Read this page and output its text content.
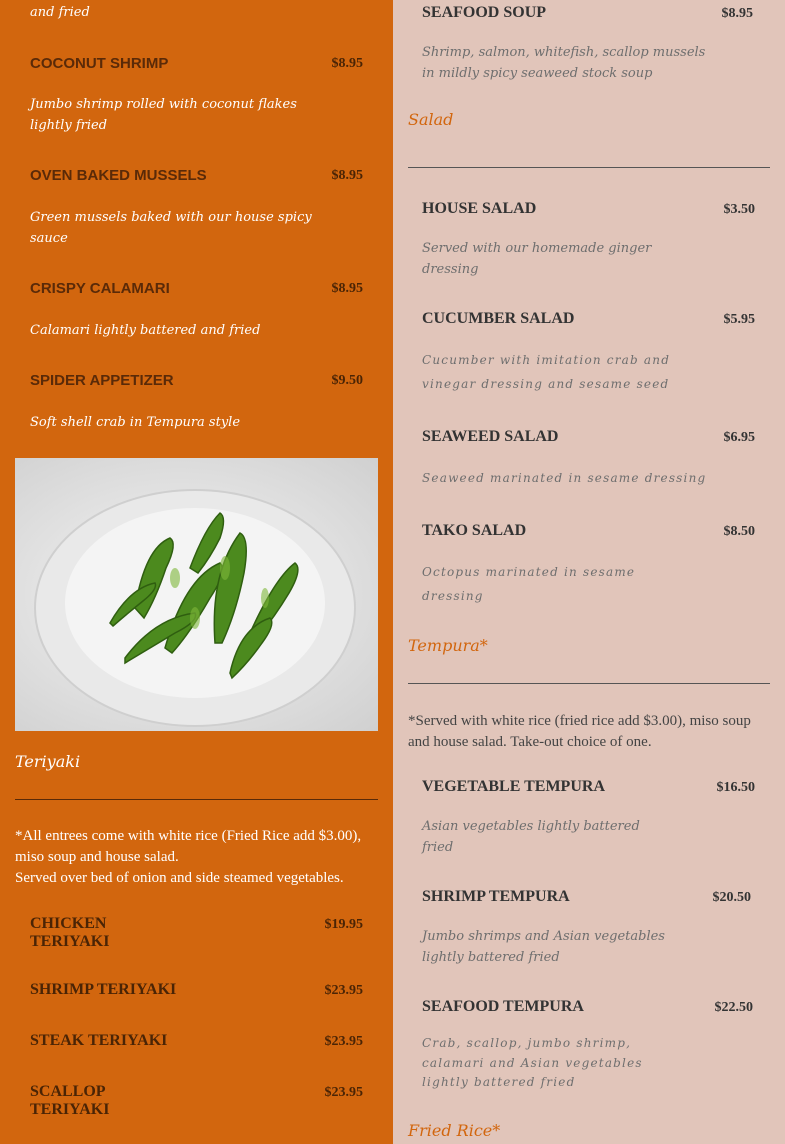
and fried
COCONUT SHRIMP	$8.95
Jumbo shrimp rolled with coconut flakes
lightly fried
OVEN BAKED MUSSELS	$8.95
Green mussels baked with our house spicy
sauce
CRISPY CALAMARI	$8.95
Calamari lightly battered and fried
SPIDER APPETIZER	$9.50
Soft shell crab in Tempura style
Teriyaki
*All entrees come with white rice (Fried Rice add $3.00),
miso soup and house salad.
Served over bed of onion and side steamed vegetables.
CHICKEN
TERIYAKI
$19.95
SHRIMP TERIYAKI	$23.95
STEAK TERIYAKI	$23.95
SCALLOP
TERIYAKI
$23.95
SEAFOOD SOUP	$8.95
Shrimp, salmon, whitefish, scallop mussels
in mildly spicy seaweed stock soup
Salad
HOUSE SALAD	$3.50
Served with our homemade ginger
dressing
CUCUMBER SALAD	$5.95
Cucumber with imitation crab and
vinegar dressing and sesame seed
SEAWEED SALAD	$6.95
Seaweed marinated in sesame dressing
TAKO SALAD	$8.50
Octopus marinated in sesame
dressing
Tempura*
*Served with white rice (fried rice add $3.00), miso soup
and house salad. Take-out choice of one.
VEGETABLE TEMPURA	$16.50
Asian vegetables lightly battered
fried
SHRIMP TEMPURA	$20.50
Jumbo shrimps and Asian vegetables
lightly battered fried
SEAFOOD TEMPURA	$22.50
Crab, scallop, jumbo shrimp,
calamari and Asian vegetables
lightly battered fried
Fried Rice*
